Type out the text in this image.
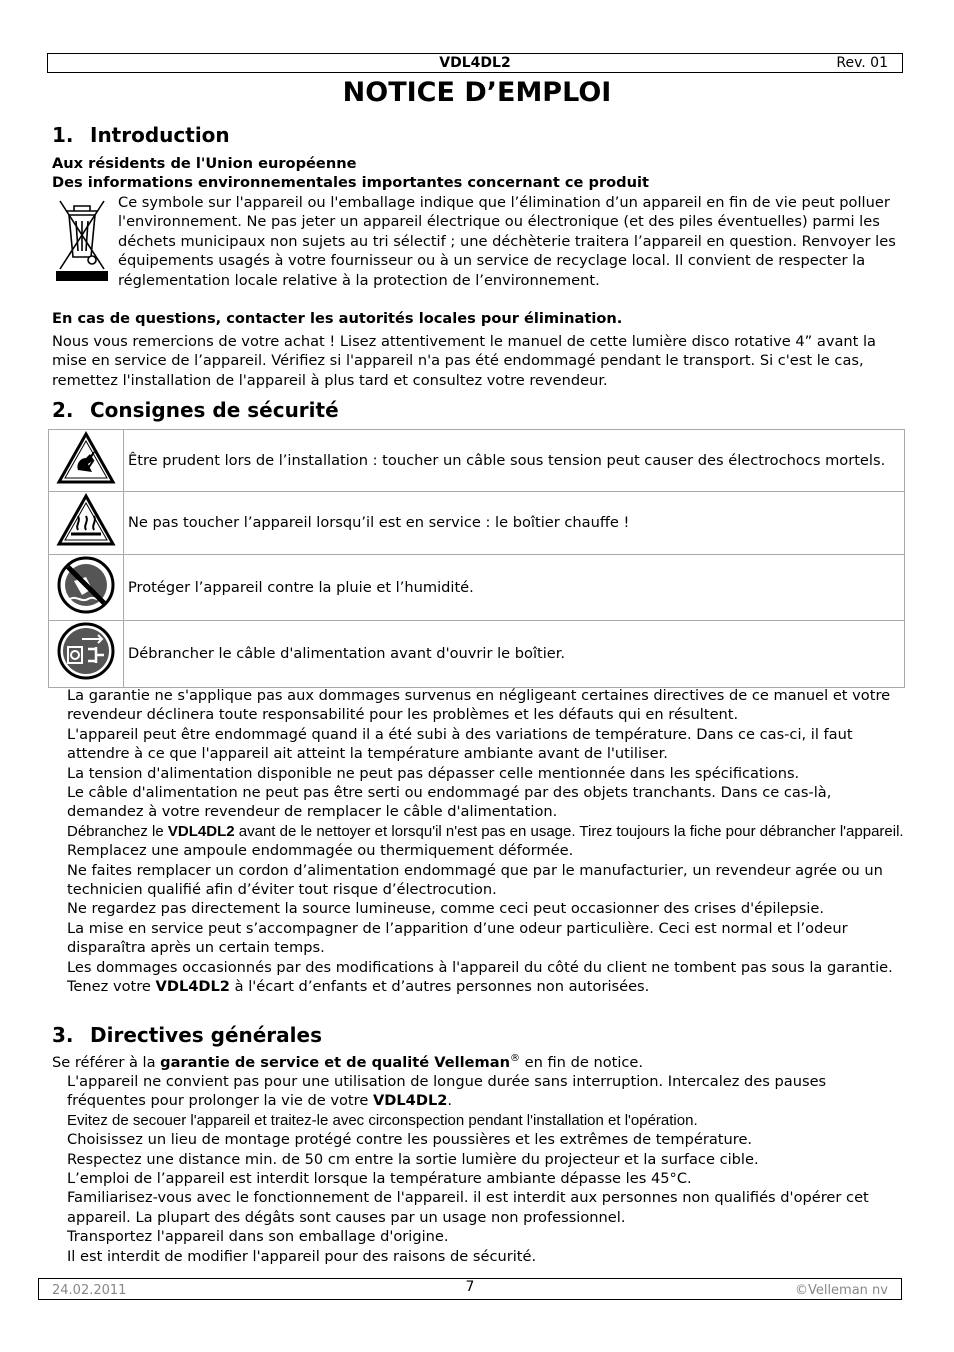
VDL4DL2	Rev. 01
NOTICE D’EMPLOI
1. Introduction
Aux résidents de l'Union européenne
Des informations environnementales importantes concernant ce produit
Ce symbole sur l'appareil ou l'emballage indique que l’élimination d’un appareil en fin de vie peut polluer l'environnement. Ne pas jeter un appareil électrique ou électronique (et des piles éventuelles) parmi les déchets municipaux non sujets au tri sélectif ; une déchèterie traitera l’appareil en question. Renvoyer les équipements usagés à votre fournisseur ou à un service de recyclage local. Il convient de respecter la réglementation locale relative à la protection de l’environnement.
En cas de questions, contacter les autorités locales pour élimination.
Nous vous remercions de votre achat ! Lisez attentivement le manuel de cette lumière disco rotative 4” avant la mise en service de l’appareil. Vérifiez si l'appareil n'a pas été endommagé pendant le transport. Si c'est le cas, remettez l'installation de l'appareil à plus tard et consultez votre revendeur.
2. Consignes de sécurité
	Être prudent lors de l’installation : toucher un câble sous tension peut causer des électrochocs mortels.
	Ne pas toucher l’appareil lorsqu’il est en service : le boîtier chauffe !
	Protéger l’appareil contre la pluie et l’humidité.
	Débrancher le câble d'alimentation avant d'ouvrir le boîtier.

La garantie ne s'applique pas aux dommages survenus en négligeant certaines directives de ce manuel et votre revendeur déclinera toute responsabilité pour les problèmes et les défauts qui en résultent.

L'appareil peut être endommagé quand il a été subi à des variations de température. Dans ce cas-ci, il faut attendre à ce que l'appareil ait atteint la température ambiante avant de l'utiliser.

La tension d'alimentation disponible ne peut pas dépasser celle mentionnée dans les spécifications.

Le câble d'alimentation ne peut pas être serti ou endommagé par des objets tranchants. Dans ce cas-là, demandez à votre revendeur de remplacer le câble d'alimentation.

Débranchez le VDL4DL2 avant de le nettoyer et lorsqu'il n'est pas en usage. Tirez toujours la fiche pour débrancher l'appareil.

Remplacez une ampoule endommagée ou thermiquement déformée.

Ne faites remplacer un cordon d’alimentation endommagé que par le manufacturier, un revendeur agrée ou un technicien qualifié afin d’éviter tout risque d’électrocution.

Ne regardez pas directement la source lumineuse, comme ceci peut occasionner des crises d'épilepsie.

La mise en service peut s’accompagner de l’apparition d’une odeur particulière. Ceci est normal et l’odeur disparaîtra après un certain temps.

Les dommages occasionnés par des modifications à l'appareil du côté du client ne tombent pas sous la garantie. Tenez votre VDL4DL2 à l'écart d’enfants et d’autres personnes non autorisées.

3. Directives générales
Se référer à la garantie de service et de qualité Velleman® en fin de notice.

L'appareil ne convient pas pour une utilisation de longue durée sans interruption. Intercalez des pauses fréquentes pour prolonger la vie de votre VDL4DL2.

Evitez de secouer l'appareil et traitez-le avec circonspection pendant l'installation et l'opération.

Choisissez un lieu de montage protégé contre les poussières et les extrêmes de température.

Respectez une distance min. de 50 cm entre la sortie lumière du projecteur et la surface cible.

L’emploi de l’appareil est interdit lorsque la température ambiante dépasse les 45°C.

Familiarisez-vous avec le fonctionnement de l'appareil. il est interdit aux personnes non qualifiés d'opérer cet appareil. La plupart des dégâts sont causes par un usage non professionnel.

Transportez l'appareil dans son emballage d'origine.

Il est interdit de modifier l'appareil pour des raisons de sécurité.

24.02.2011	7	©Velleman nv
